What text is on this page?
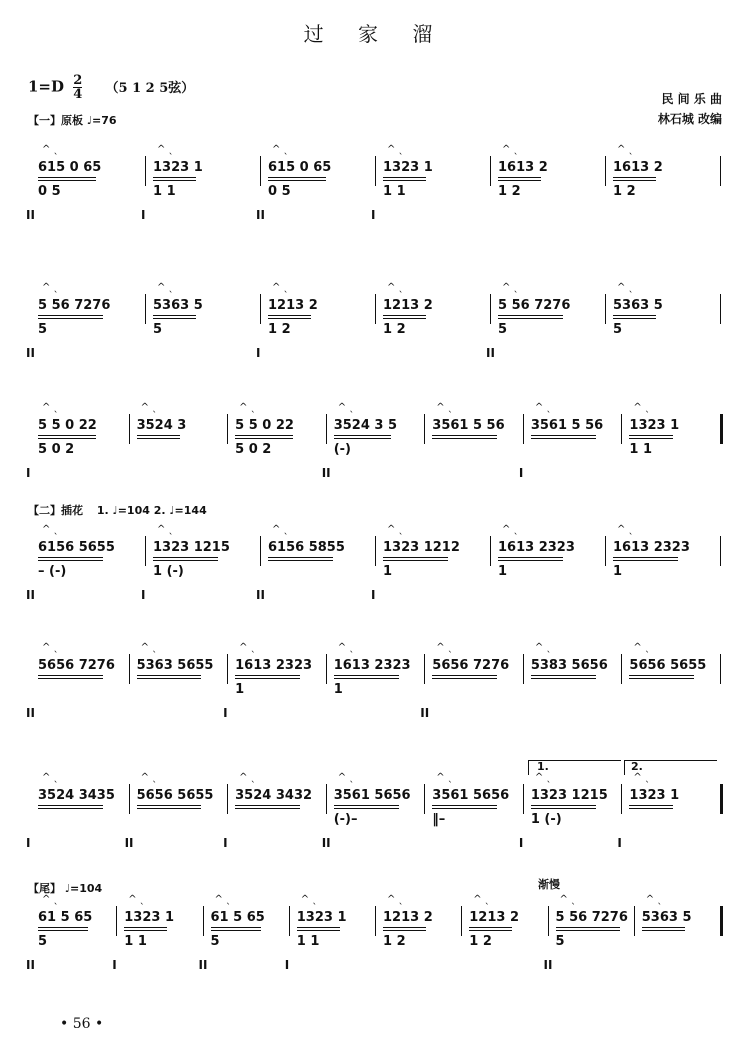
过 家 溜
$1=D \frac{2}{4} (5$ 1 2 5弦）
民 间 乐 曲
林石城 改编
【一】原板 ♩=76
【二】插花 1. ♩=104 2. ♩=144
【尾】 ♩=104	渐慢
615 0 65
^ ˎ
0 5
II
1323 1
^ ˎ
1 1
I
615 0 65
^ ˎ
0 5
II
1323 1
^ ˎ
1 1
I
1613 2
^ ˎ
1 2
1613 2
^ ˎ
1 2
5 56 7276
^ ˎ
5
II
5363 5
^ ˎ
5
1213 2
^ ˎ
1 2
I
1213 2
^ ˎ
1 2
5 56 7276
^ ˎ
5
II
5363 5
^ ˎ
5
5 5 0 22
^ ˎ
5 0 2
I
3524 3
^ ˎ
5 5 0 22
^ ˎ
5 0 2
3524 3 5
^ ˎ
(-)
II
3561 5 56
^ ˎ
3561 5 56
^ ˎ
I
1323 1
^ ˎ
1 1
6156 5655
^ ˎ
– (-)
II
1323 1215
^ ˎ
1 (-)
I
6156 5855
^ ˎ
II
1323 1212
^ ˎ
1
I
1613 2323
^ ˎ
1
1613 2323
^ ˎ
1
5656 7276
^ ˎ
II
5363 5655
^ ˎ
1613 2323
^ ˎ
1
I
1613 2323
^ ˎ
1
5656 7276
^ ˎ
II
5383 5656
^ ˎ
5656 5655
^ ˎ
3524 3435
^ ˎ
I
5656 5655
^ ˎ
II
3524 3432
^ ˎ
I
3561 5656
^ ˎ
(-)–
II
3561 5656
^ ˎ
‖–
1323 1215
^ ˎ
1 (-)
I
1323 1
^ ˎ
I
61 5 65
^ ˎ
5
II
1323 1
^ ˎ
1 1
I
61 5 65
^ ˎ
5
II
1323 1
^ ˎ
1 1
I
1213 2
^ ˎ
1 2
1213 2
^ ˎ
1 2
5 56 7276
^ ˎ
5
II
5363 5
^ ˎ
1.	2.
• 56 •
